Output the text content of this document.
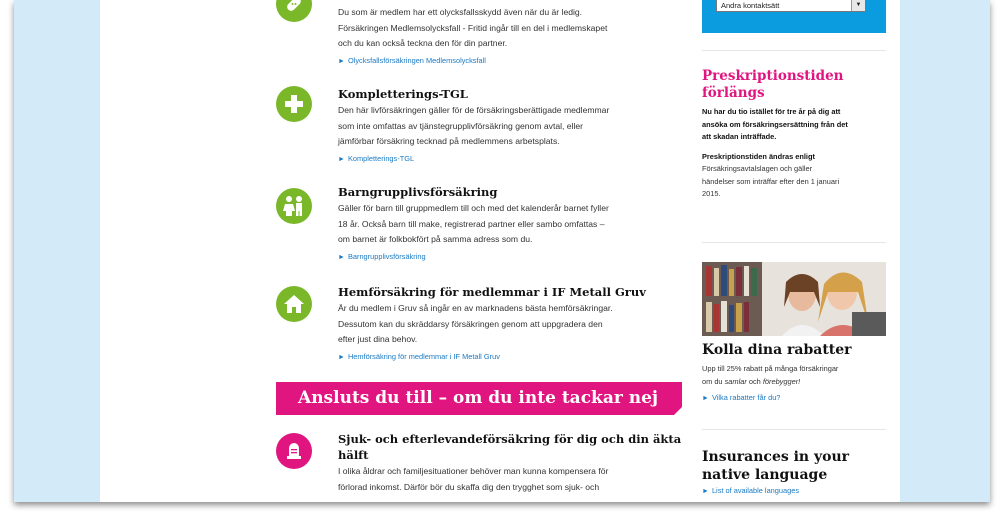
Du som är medlem har ett olycksfallsskydd även när du är ledig.
Försäkringen Medlemsolycksfall - Fritid ingår till en del i medlemskapet
och du kan också teckna den för din partner.
► Olycksfallsförsäkringen Medlemsolycksfall
Kompletterings-TGL
Den här livförsäkringen gäller för de försäkringsberättigade medlemmar
som inte omfattas av tjänstegrupplivförsäkring genom avtal, eller
jämförbar försäkring tecknad på medlemmens arbetsplats.
► Kompletterings-TGL
Barngrupplivsförsäkring
Gäller för barn till gruppmedlem till och med det kalenderår barnet fyller
18 år. Också barn till make, registrerad partner eller sambo omfattas –
om barnet är folkbokfört på samma adress som du.
► Barngrupplivsförsäkring
Hemförsäkring för medlemmar i IF Metall Gruv
Är du medlem i Gruv så ingår en av marknadens bästa hemförsäkringar.
Dessutom kan du skräddarsy försäkringen genom att uppgradera den
efter just dina behov.
► Hemförsäkring för medlemmar i IF Metall Gruv
Ansluts du till – om du inte tackar nej
Sjuk- och efterlevandeförsäkring för dig och din äkta
hälft
I olika åldrar och familjesituationer behöver man kunna kompensera för
förlorad inkomst. Därför bör du skaffa dig den trygghet som sjuk- och
Andra kontaktsätt	▼
Preskriptionstiden
förlängs
Nu har du tio istället för tre år på dig att
ansöka om försäkringsersättning från det
att skadan inträffade.
Preskriptionstiden ändras enligt
Försäkringsavtalslagen och gäller
händelser som inträffar efter den 1 januari
2015.
Kolla dina rabatter
Upp till 25% rabatt på många försäkringar
om du samlar och förebygger!
► Vilka rabatter får du?
Insurances in your
native language
► List of available languages
